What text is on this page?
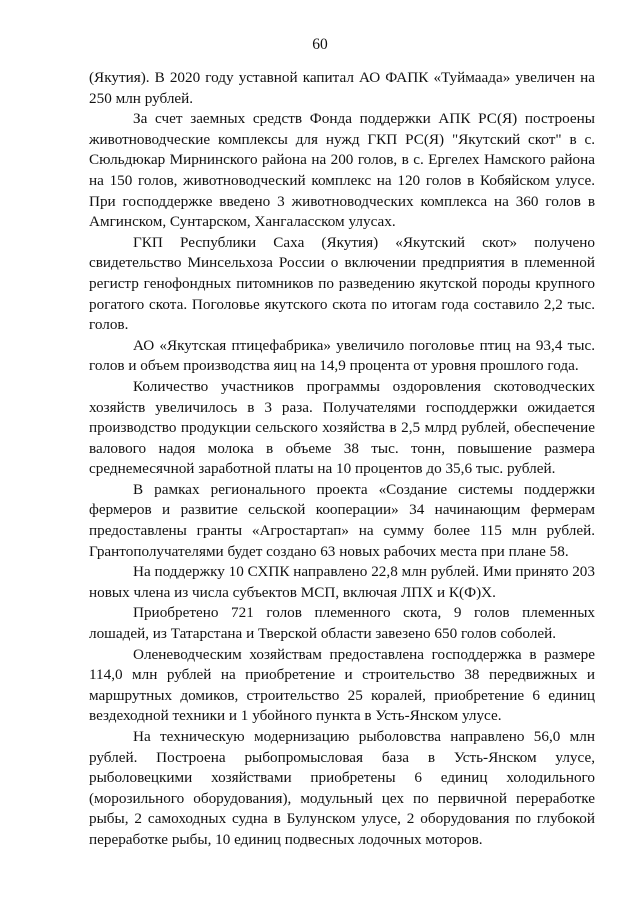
60

(Якутия). В 2020 году уставной капитал АО ФАПК «Туймаада» увеличен на 250 млн рублей.

За счет заемных средств Фонда поддержки АПК РС(Я) построены животноводческие комплексы для нужд ГКП РС(Я) "Якутский скот" в с. Сюльдюкар Мирнинского района на 200 голов, в с. Ергелех Намского района на 150 голов, животноводческий комплекс на 120 голов в Кобяйском улусе. При господдержке введено 3 животноводческих комплекса на 360 голов в Амгинском, Сунтарском, Хангаласском улусах.

ГКП Республики Саха (Якутия) «Якутский скот» получено свидетельство Минсельхоза России о включении предприятия в племенной регистр генофондных питомников по разведению якутской породы крупного рогатого скота. Поголовье якутского скота по итогам года составило 2,2 тыс. голов.

АО «Якутская птицефабрика» увеличило поголовье птиц на 93,4 тыс. голов и объем производства яиц на 14,9 процента от уровня прошлого года.

Количество участников программы оздоровления скотоводческих хозяйств увеличилось в 3 раза. Получателями господдержки ожидается производство продукции сельского хозяйства в 2,5 млрд рублей, обеспечение валового надоя молока в объеме 38 тыс. тонн, повышение размера среднемесячной заработной платы на 10 процентов до 35,6 тыс. рублей.

В рамках регионального проекта «Создание системы поддержки фермеров и развитие сельской кооперации» 34 начинающим фермерам предоставлены гранты «Агростартап» на сумму более 115 млн рублей. Грантополучателями будет создано 63 новых рабочих места при плане 58.

На поддержку 10 СХПК направлено 22,8 млн рублей. Ими принято 203 новых члена из числа субъектов МСП, включая ЛПХ и К(Ф)Х.

Приобретено 721 голов племенного скота, 9 голов племенных лошадей, из Татарстана и Тверской области завезено 650 голов соболей.

Оленеводческим хозяйствам предоставлена господдержка в размере 114,0 млн рублей на приобретение и строительство 38 передвижных и маршрутных домиков, строительство 25 коралей, приобретение 6 единиц вездеходной техники и 1 убойного пункта в Усть-Янском улусе.

На техническую модернизацию рыболовства направлено 56,0 млн рублей. Построена рыбопромысловая база в Усть-Янском улусе, рыболовецкими хозяйствами приобретены 6 единиц холодильного (морозильного оборудования), модульный цех по первичной переработке рыбы, 2 самоходных судна в Булунском улусе, 2 оборудования по глубокой переработке рыбы, 10 единиц подвесных лодочных моторов.
